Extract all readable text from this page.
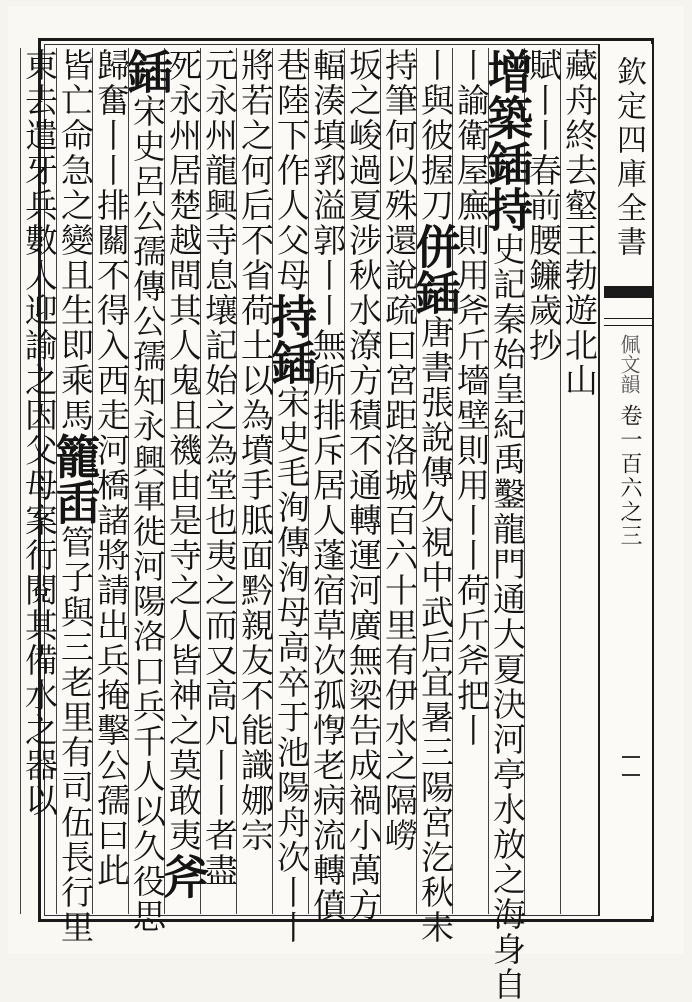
欽定四庫全書
佩文韻
卷一百六之三
藏舟終去壑王勃遊北山
賦丨丨春前腰鐮歲抄
增築鍤持史記秦始皇紀禹鑿龍門通大夏決河亭水放之海身自
丨諭衛屋廡則用斧斤墻壁則用丨丨荷斤斧把丨
丨與彼握刀併鍤唐書張說傳久視中武后宜暑三陽宮汔秋未
持筆何以殊還說疏曰宮距洛城百六十里有伊水之隔嶗
坂之峻過夏涉秋水潦方積不通轉運河廣無梁告成禍小萬方
輻湊填郛溢郭丨丨無所排斥居人蓬宿草次孤惸老病流轉僨
巷陸下作人父母持鍤宋史毛洵傳洵母高卒于池陽舟次丨丨
將若之何后不省荷土以為墳手胝面黔親友不能識娜宗
元永州龍興寺息壤記始之為堂也夷之而又高凡丨丨者盡
死永州居楚越間其人鬼且禨由是寺之人皆神之莫敢夷斧
鍤宋史呂公孺傳公孺知永興軍徙河陽洛口兵千人以久役思
歸奮丨丨排關不得入西走河橋諸將請出兵掩擊公孺曰此
皆亡命急之變且生即乘馬籠臿管子與三老里有司伍長行里
東去遣牙兵數人迎諭之因父母案行閱其備水之器以
